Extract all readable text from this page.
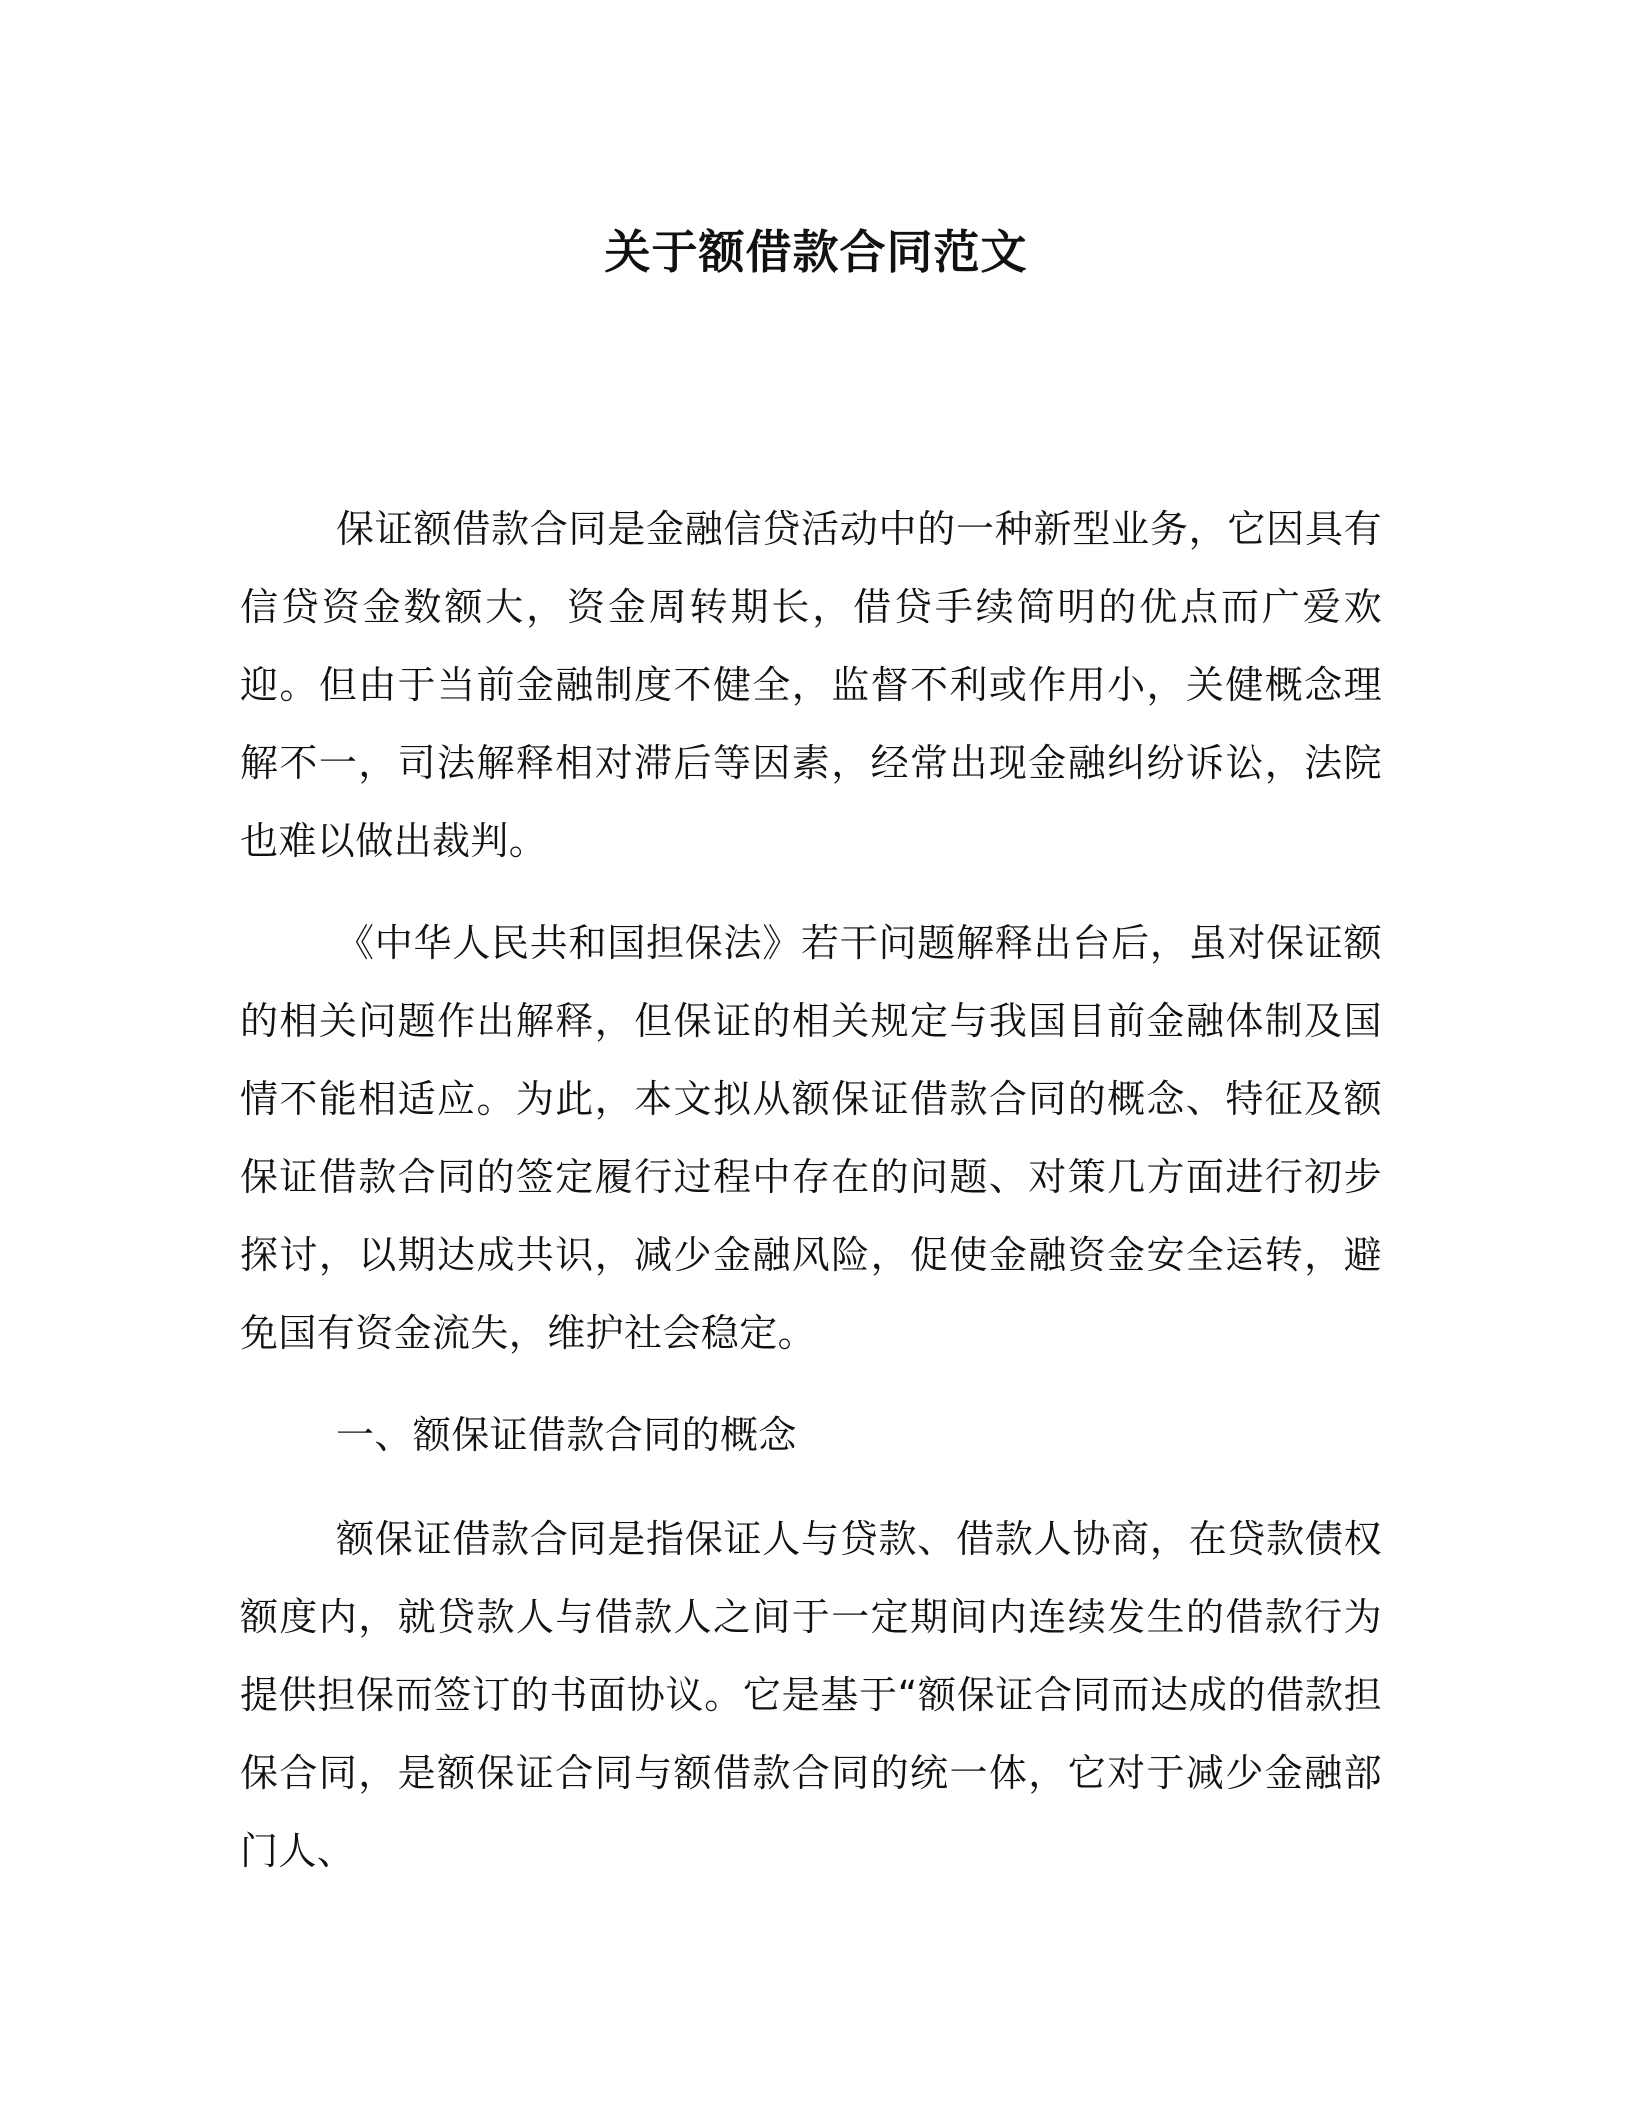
关于额借款合同范文

保证额借款合同是金融信贷活动中的一种新型业务，它因具有信贷资金数额大，资金周转期长，借贷手续简明的优点而广爱欢迎。但由于当前金融制度不健全，监督不利或作用小，关健概念理解不一，司法解释相对滞后等因素，经常出现金融纠纷诉讼，法院也难以做出裁判。

《中华人民共和国担保法》若干问题解释出台后，虽对保证额的相关问题作出解释，但保证的相关规定与我国目前金融体制及国情不能相适应。为此，本文拟从额保证借款合同的概念、特征及额保证借款合同的签定履行过程中存在的问题、对策几方面进行初步探讨，以期达成共识，减少金融风险，促使金融资金安全运转，避免国有资金流失，维护社会稳定。

一、额保证借款合同的概念

额保证借款合同是指保证人与贷款、借款人协商，在贷款债权额度内，就贷款人与借款人之间于一定期间内连续发生的借款行为提供担保而签订的书面协议。它是基于“额保证合同而达成的借款担保合同，是额保证合同与额借款合同的统一体，它对于减少金融部门人、
